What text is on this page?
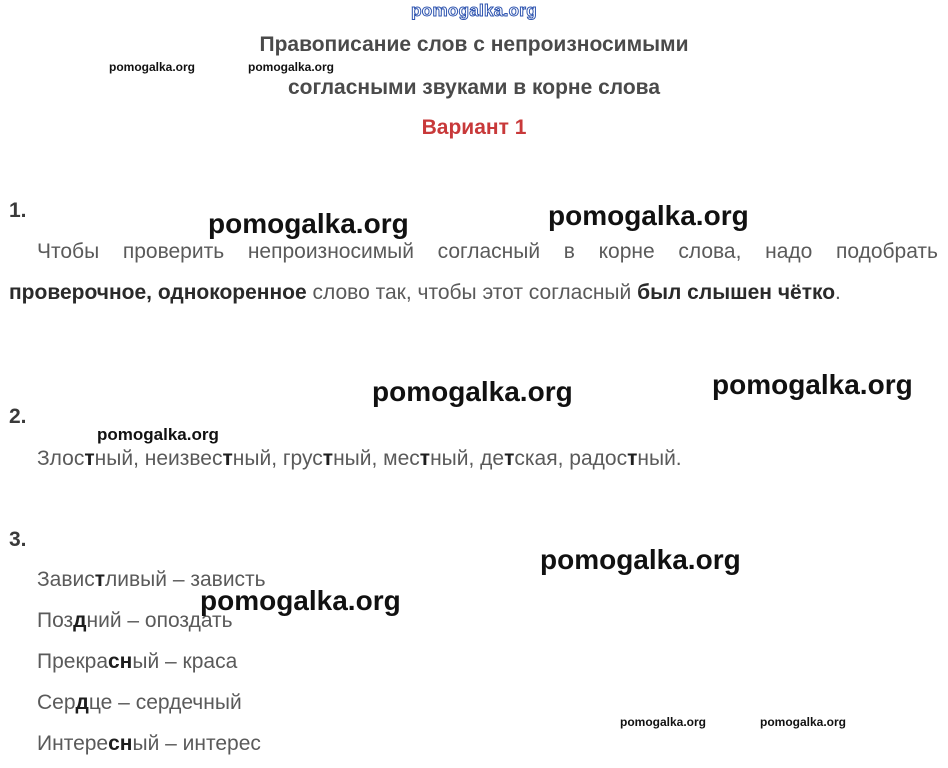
pomogalka.org
Правописание слов с непроизносимыми
согласными звуками в корне слова
Вариант 1
pomogalka.org	pomogalka.org
1.
Чтобы проверить непроизносимый согласный в корне слова, надо подобрать проверочное, однокоренное слово так, чтобы этот согласный был слышен чётко.
pomogalka.org	pomogalka.org
pomogalka.org	pomogalka.org
2.
pomogalka.org
Злостный, неизвестный, грустный, местный, детская, радостный.
3.
pomogalka.org
Завистливый – зависть
Поздний – опоздать
Прекрасный – краса
Сердце – сердечный
Интересный – интерес
pomogalka.org
pomogalka.org	pomogalka.org
